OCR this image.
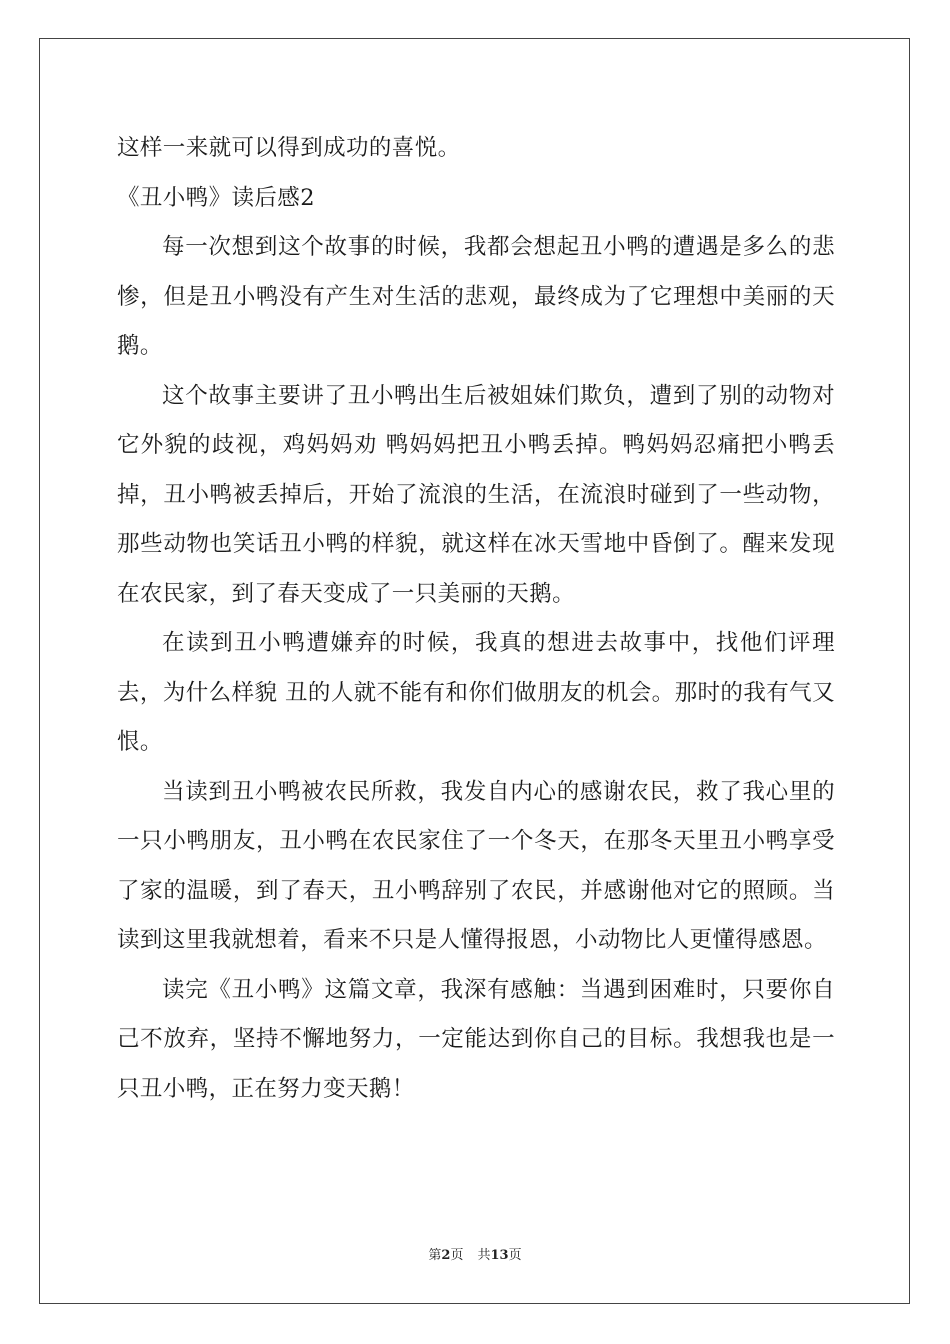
这样一来就可以得到成功的喜悦。

《丑小鸭》读后感2

每一次想到这个故事的时候，我都会想起丑小鸭的遭遇是多么的悲惨，但是丑小鸭没有产生对生活的悲观，最终成为了它理想中美丽的天鹅。

这个故事主要讲了丑小鸭出生后被姐妹们欺负，遭到了别的动物对它外貌的歧视，鸡妈妈劝 鸭妈妈把丑小鸭丢掉。鸭妈妈忍痛把小鸭丢掉，丑小鸭被丢掉后，开始了流浪的生活，在流浪时碰到了一些动物，那些动物也笑话丑小鸭的样貌，就这样在冰天雪地中昏倒了。醒来发现在农民家，到了春天变成了一只美丽的天鹅。

在读到丑小鸭遭嫌弃的时候，我真的想进去故事中，找他们评理去，为什么样貌 丑的人就不能有和你们做朋友的机会。那时的我有气又恨。

当读到丑小鸭被农民所救，我发自内心的感谢农民，救了我心里的一只小鸭朋友，丑小鸭在农民家住了一个冬天，在那冬天里丑小鸭享受了家的温暖，到了春天，丑小鸭辞别了农民，并感谢他对它的照顾。当读到这里我就想着，看来不只是人懂得报恩，小动物比人更懂得感恩。

读完《丑小鸭》这篇文章，我深有感触：当遇到困难时，只要你自己不放弃，坚持不懈地努力，一定能达到你自己的目标。我想我也是一只丑小鸭，正在努力变天鹅！

第2页 共13页
